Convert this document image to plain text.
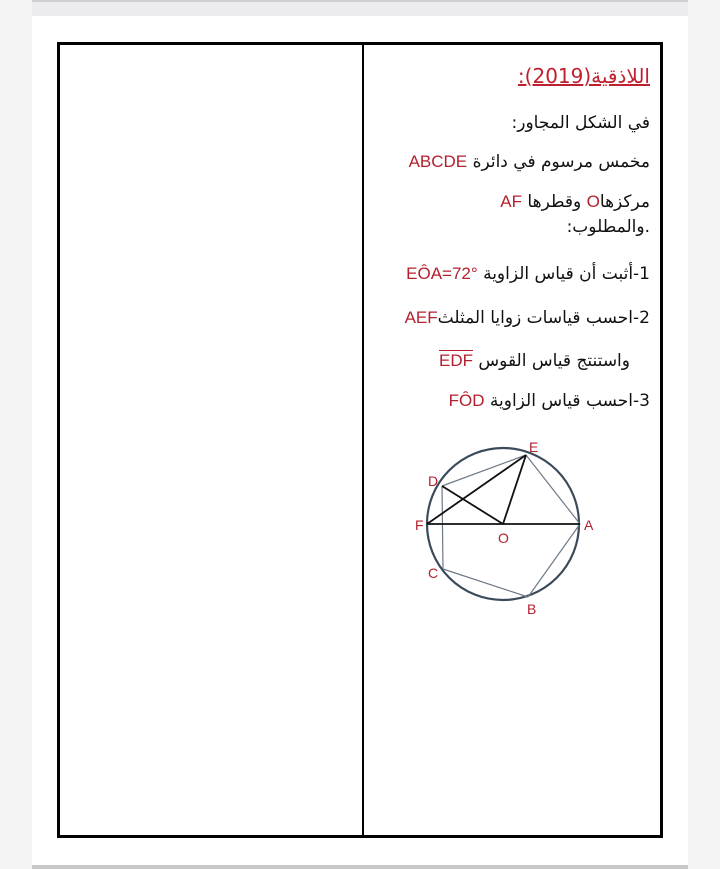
اللاذقية(2019):
في الشكل المجاور:
ABCDE مخمس مرسوم في دائرة
مركزهاO وقطرها AF
.والمطلوب:
1-أثبت أن قياس الزاوية EÔA=72°
2-احسب قياسات زوايا المثلثAEF
واستنتج قياس القوس EDF
3-احسب قياس الزاوية FÔD
E
D
F
O
A
C
B
